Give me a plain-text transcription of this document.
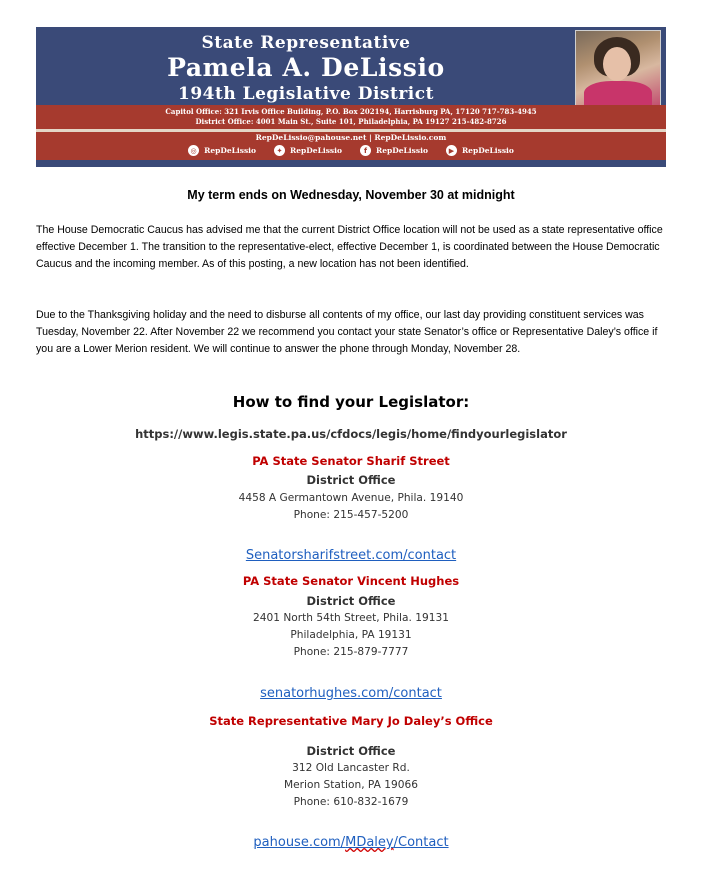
State Representative
Pamela A. DeLissio
194th Legislative District
Capitol Office: 321 Irvis Office Building, P.O. Box 202194, Harrisburg PA, 17120 717-783-4945
District Office: 4001 Main St., Suite 101, Philadelphia, PA 19127 215-482-8726
RepDeLissio@pahouse.net | RepDeLissio.com
◎ RepDeLissio	✦	RepDeLissio	f	RepDeLissio	▶	RepDeLissio
My term ends on Wednesday, November 30 at midnight

The House Democratic Caucus has advised me that the current District Office location will not be used as a state representative office effective December 1. The transition to the representative-elect, effective December 1, is coordinated between the House Democratic Caucus and the incoming member. As of this posting, a new location has not been identified.

Due to the Thanksgiving holiday and the need to disburse all contents of my office, our last day providing constituent services was Tuesday, November 22. After November 22 we recommend you contact your state Senator’s office or Representative Daley’s office if you are a Lower Merion resident. We will continue to answer the phone through Monday, November 28.

How to find your Legislator:
https://www.legis.state.pa.us/cfdocs/legis/home/findyourlegislator
PA State Senator Sharif Street
District Office
4458 A Germantown Avenue, Phila. 19140
Phone: 215-457-5200
Senatorsharifstreet.com/contact
PA State Senator Vincent Hughes
District Office
2401 North 54th Street, Phila. 19131
Philadelphia, PA 19131
Phone: 215-879-7777
senatorhughes.com/contact
State Representative Mary Jo Daley’s Office
District Office
312 Old Lancaster Rd.
Merion Station, PA 19066
Phone: 610-832-1679
pahouse.com/MDaley/Contact
